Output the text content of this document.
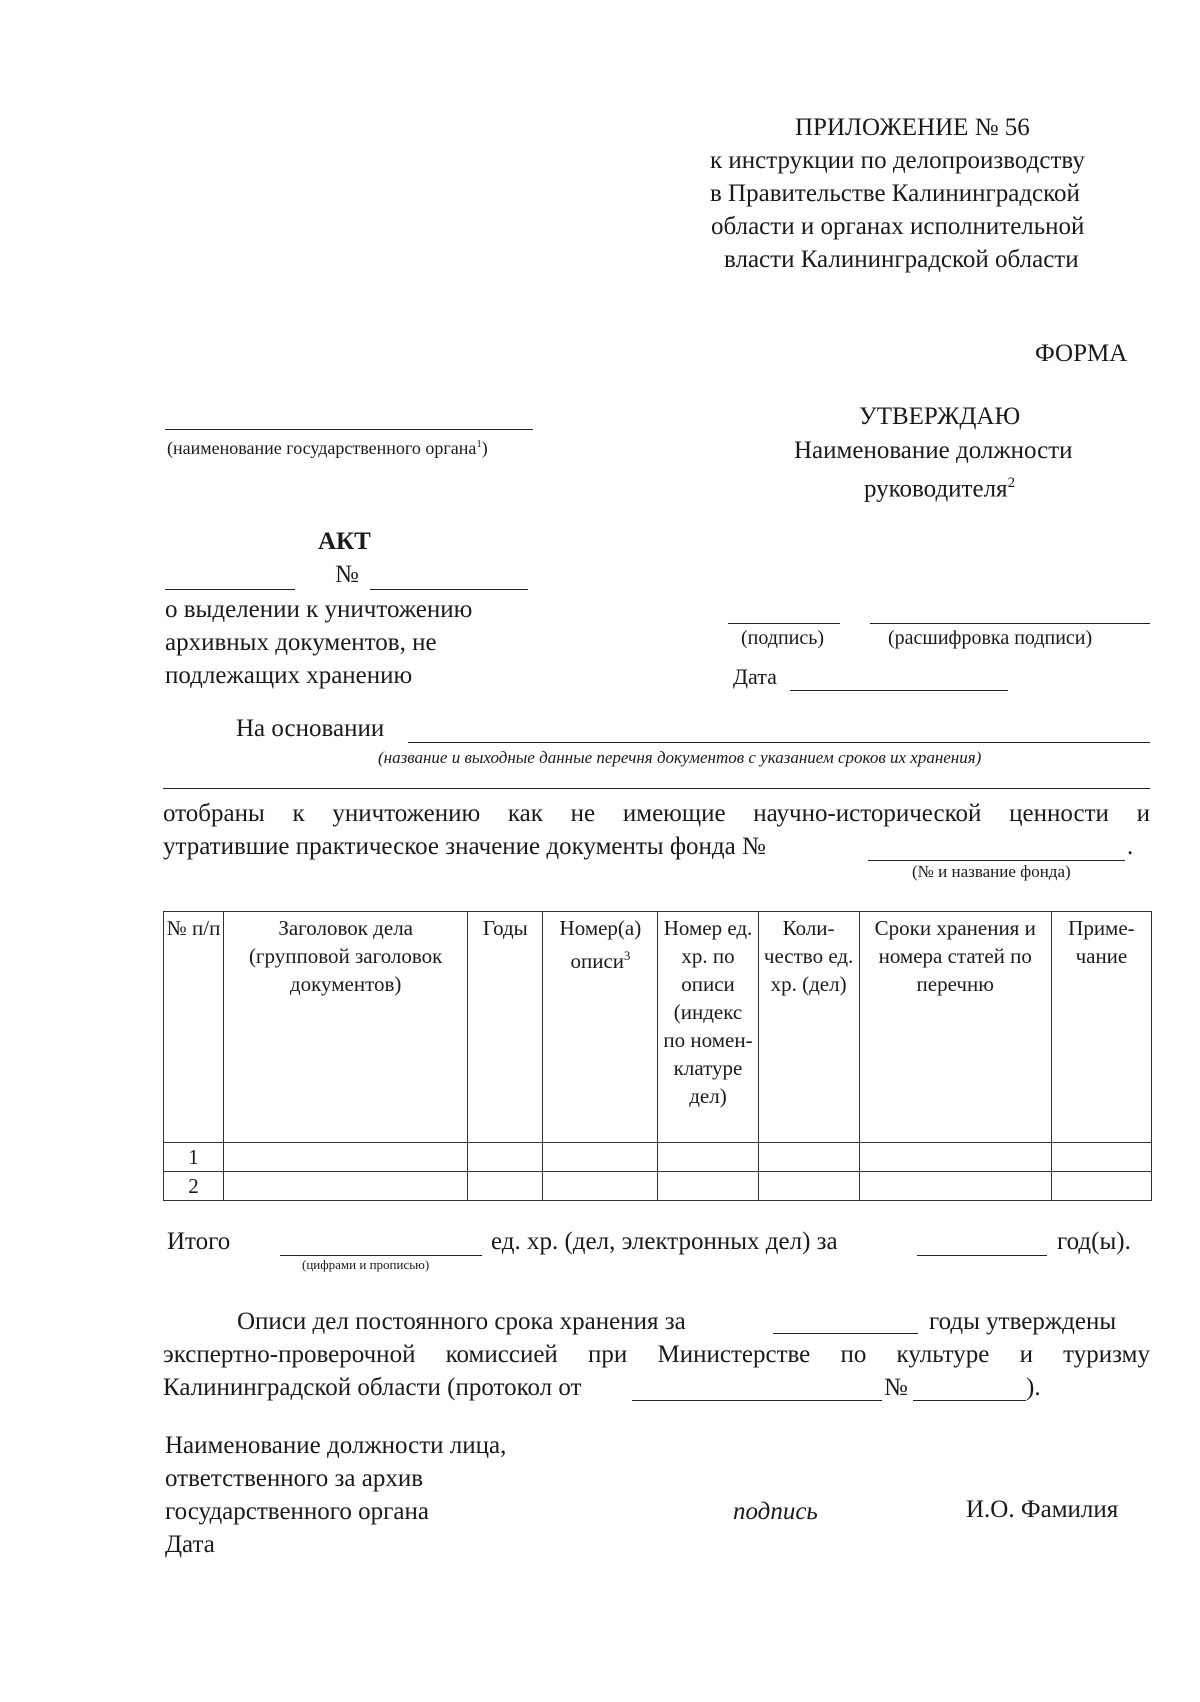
ПРИЛОЖЕНИЕ № 56
к инструкции по делопроизводству
в Правительстве Калининградской
области и органах исполнительной
власти Калининградской области
ФОРМА
(наименование государственного органа$^1$)
УТВЕРЖДАЮ
Наименование должности
руководителя$^2$
(подпись)	(расшифровка подписи)
Дата
АКТ
№
о выделении к уничтожению
архивных документов, не
подлежащих хранению
На основании
(название и выходные данные перечня документов с указанием сроков их хранения)
отобраны к уничтожению как не имеющие научно-исторической ценности и
утратившие практическое значение документы фонда №	.
(№ и название фонда)
№ п/п	Заголовок дела (групповой заголовок документов)	Годы	Номер(а) описи$^3$	Номер ед. хр. по описи (индекс по номен-клатуре дел)	Коли-чество ед. хр. (дел)	Сроки хранения и номера статей по перечню	Приме-чание
1							
2							
Итого
(цифрами и прописью)
ед. хр. (дел, электронных дел) за	год(ы).
Описи дел постоянного срока хранения за	годы утверждены
экспертно-проверочной комиссией при Министерстве по культуре и туризму
Калининградской области (протокол от	№	).
Наименование должности лица,
ответственного за архив
государственного органа
Дата
подпись	И.О. Фамилия
